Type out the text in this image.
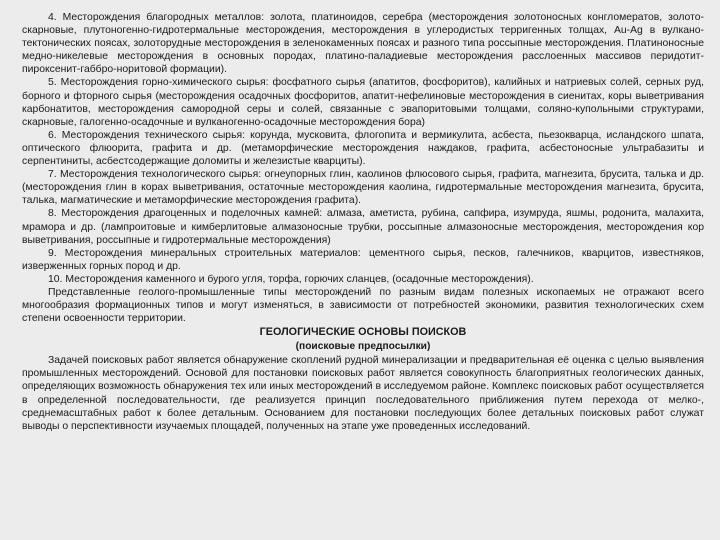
4. Месторождения благородных металлов: золота, платиноидов, серебра (месторождения золотоносных конгломератов, золото-скарновые, плутоногенно-гидротермальные месторождения, месторождения в углеродистых терригенных толщах, Au-Ag в вулкано-тектонических поясах, золоторудные месторождения в зеленокаменных поясах и разного типа россыпные месторождения. Платиноносные медно-никелевые месторождения в основных породах, платино-паладиевые месторождения расслоенных массивов перидотит-пироксенит-габбро-норитовой формации).

5. Месторождения горно-химического сырья: фосфатного сырья (апатитов, фосфоритов), калийных и натриевых солей, серных руд, борного и фторного сырья (месторождения осадочных фосфоритов, апатит-нефелиновые месторождения в сиенитах, коры выветривания карбонатитов, месторождения самородной серы и солей, связанные с эвапоритовыми толщами, соляно-купольными структурами, скарновые, галогенно-осадочные и вулканогенно-осадочные месторождения бора)

6. Месторождения технического сырья: корунда, мусковита, флогопита и вермикулита, асбеста, пьезокварца, исландского шпата, оптического флюорита, графита и др. (метаморфические месторождения наждаков, графита, асбестоносные ультрабазиты и серпентиниты, асбестсодержащие доломиты и железистые кварциты).

7. Месторождения технологического сырья: огнеупорных глин, каолинов флюсового сырья, графита, магнезита, брусита, талька и др. (месторождения глин в корах выветривания, остаточные месторождения каолина, гидротермальные месторождения магнезита, брусита, талька, магматические и метаморфические месторождения графита).

8. Месторождения драгоценных и поделочных камней: алмаза, аметиста, рубина, сапфира, изумруда, яшмы, родонита, малахита, мрамора и др. (лампроитовые и кимберлитовые алмазоносные трубки, россыпные алмазоносные месторождения, месторождения кор выветривания, россыпные и гидротермальные месторождения)

9. Месторождения минеральных строительных материалов: цементного сырья, песков, галечников, кварцитов, известняков, изверженных горных пород и др.

10. Месторождения каменного и бурого угля, торфа, горючих сланцев, (осадочные месторождения).

Представленные геолого-промышленные типы месторождений по разным видам полезных ископаемых не отражают всего многообразия формационных типов и могут изменяться, в зависимости от потребностей экономики, развития технологических схем степени освоенности территории.

ГЕОЛОГИЧЕСКИЕ ОСНОВЫ ПОИСКОВ

(поисковые предпосылки)

Задачей поисковых работ является обнаружение скоплений рудной минерализации и предварительная её оценка с целью выявления промышленных месторождений. Основой для постановки поисковых работ является совокупность благоприятных геологических данных, определяющих возможность обнаружения тех или иных месторождений в исследуемом районе. Комплекс поисковых работ осуществляется в определенной последовательности, где реализуется принцип последовательного приближения путем перехода от мелко-, среднемасштабных работ к более детальным. Основанием для постановки последующих более детальных поисковых работ служат выводы о перспективности изучаемых площадей, полученных на этапе уже проведенных исследований.
